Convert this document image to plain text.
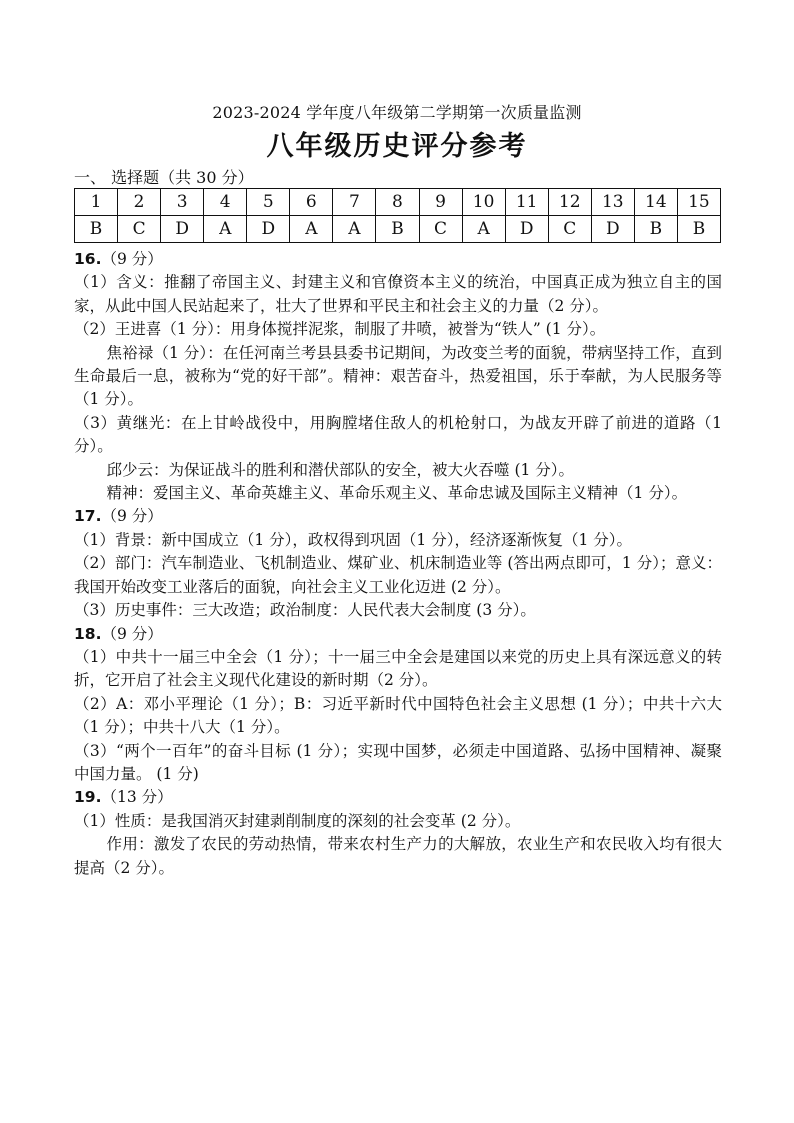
2023-2024 学年度八年级第二学期第一次质量监测
八年级历史评分参考
一、 选择题（共 30 分）
1	2	3	4	5	6	7	8	9	10	11	12	13	14	15
B	C	D	A	D	A	A	B	C	A	D	C	D	B	B

16.（9 分）

（1）含义：推翻了帝国主义、封建主义和官僚资本主义的统治，中国真正成为独立自主的国家，从此中国人民站起来了，壮大了世界和平民主和社会主义的力量（2 分）。

（2）王进喜（1 分）：用身体搅拌泥浆，制服了井喷，被誉为“铁人” (1 分）。

焦裕禄（1 分）：在任河南兰考县县委书记期间，为改变兰考的面貌，带病坚持工作，直到生命最后一息，被称为“党的好干部”。精神：艰苦奋斗，热爱祖国，乐于奉献，为人民服务等（1 分）。

（3）黄继光：在上甘岭战役中，用胸膛堵住敌人的机枪射口，为战友开辟了前进的道路（1 分）。

邱少云：为保证战斗的胜利和潜伏部队的安全，被大火吞噬 (1 分）。

精神：爱国主义、革命英雄主义、革命乐观主义、革命忠诚及国际主义精神（1 分）。

17.（9 分）

（1）背景：新中国成立（1 分），政权得到巩固（1 分），经济逐渐恢复（1 分）。

（2）部门：汽车制造业、飞机制造业、煤矿业、机床制造业等 (答出两点即可，1 分）；意义：我国开始改变工业落后的面貌，向社会主义工业化迈进 (2 分）。

（3）历史事件：三大改造；政治制度：人民代表大会制度 (3 分）。

18.（9 分）

（1）中共十一届三中全会（1 分）；十一届三中全会是建国以来党的历史上具有深远意义的转折，它开启了社会主义现代化建设的新时期（2 分）。

（2）A：邓小平理论（1 分）；B：习近平新时代中国特色社会主义思想 (1 分）；中共十六大（1 分）；中共十八大（1 分）。

（3）“两个一百年”的奋斗目标 (1 分）；实现中国梦，必须走中国道路、弘扬中国精神、凝聚中国力量。 (1 分)

19.（13 分）

（1）性质：是我国消灭封建剥削制度的深刻的社会变革 (2 分）。

作用：激发了农民的劳动热情，带来农村生产力的大解放，农业生产和农民收入均有很大提高（2 分）。
